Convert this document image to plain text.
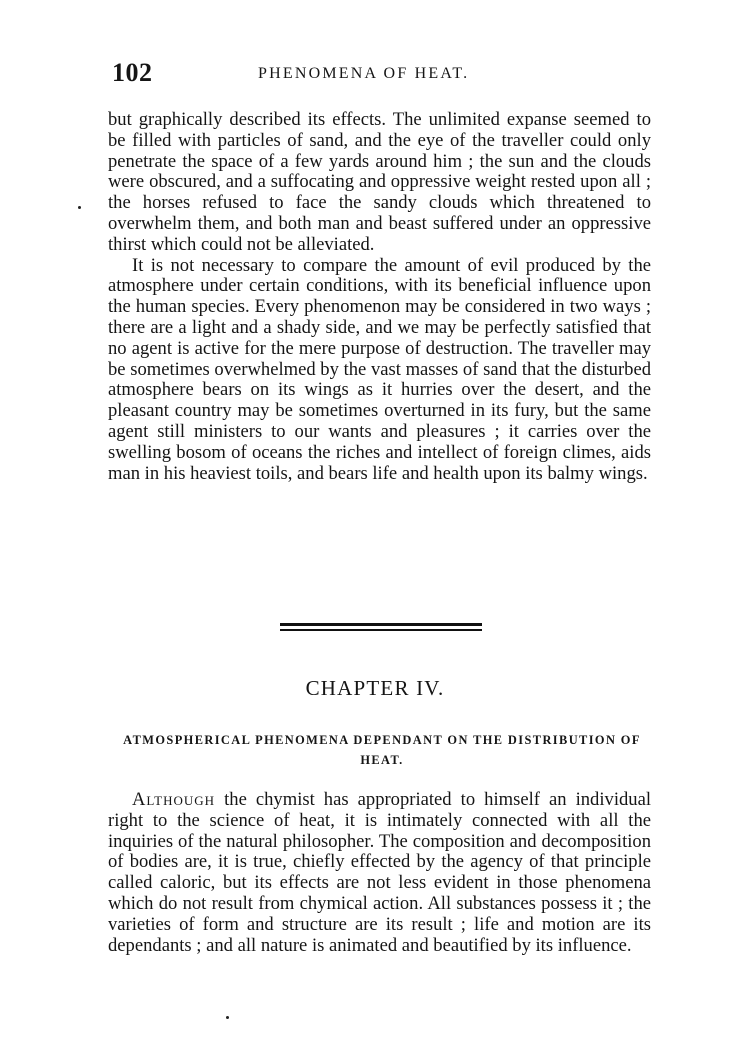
102	PHENOMENA OF HEAT.

but graphically described its effects. The unlimited expanse seemed to be filled with particles of sand, and the eye of the traveller could only penetrate the space of a few yards around him ; the sun and the clouds were obscured, and a suffocating and oppressive weight rested upon all ; the horses refused to face the sandy clouds which threatened to overwhelm them, and both man and beast suffered under an oppressive thirst which could not be alleviated.

It is not necessary to compare the amount of evil produced by the atmosphere under certain conditions, with its beneficial influence upon the human species. Every phenomenon may be considered in two ways ; there are a light and a shady side, and we may be perfectly satisfied that no agent is active for the mere purpose of destruction. The traveller may be sometimes overwhelmed by the vast masses of sand that the disturbed atmosphere bears on its wings as it hurries over the desert, and the pleasant country may be sometimes overturned in its fury, but the same agent still ministers to our wants and pleasures ; it carries over the swelling bosom of oceans the riches and intellect of foreign climes, aids man in his heaviest toils, and bears life and health upon its balmy wings.

CHAPTER IV.
ATMOSPHERICAL PHENOMENA DEPENDANT ON THE DISTRIBUTION OF HEAT.

Although the chymist has appropriated to himself an individual right to the science of heat, it is intimately connected with all the inquiries of the natural philosopher. The composition and decomposition of bodies are, it is true, chiefly effected by the agency of that principle called caloric, but its effects are not less evident in those phenomena which do not result from chymical action. All substances possess it ; the varieties of form and structure are its result ; life and motion are its dependants ; and all nature is animated and beautified by its influence.
